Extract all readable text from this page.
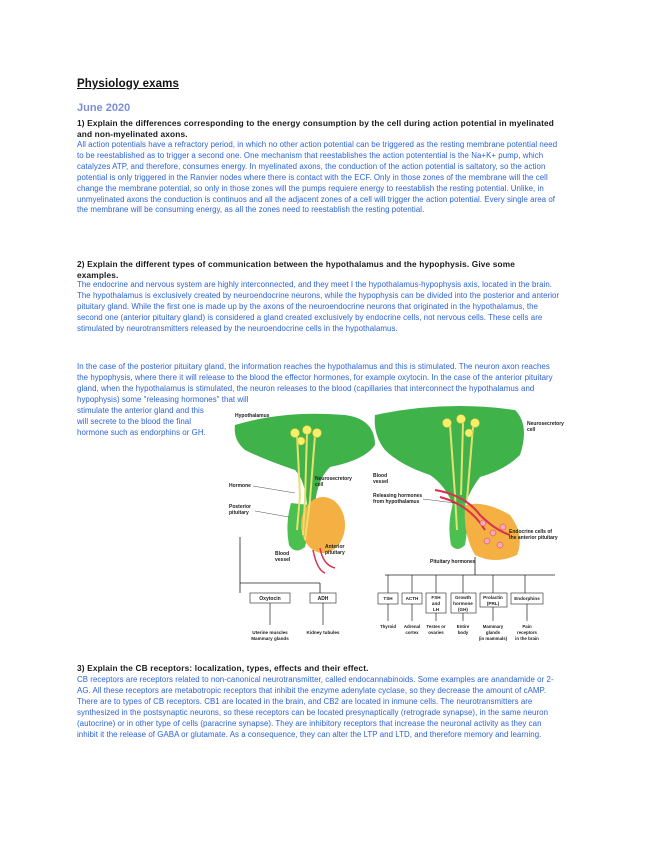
Physiology exams
June 2020
1) Explain the differences corresponding to the energy consumption by the cell during action potential in myelinated and non-myelinated axons.
All action potentials have a refractory period, in which no other action potential can be triggered as the resting membrane potential need to be reestablished as to trigger a second one. One mechanism that reestablishes the action potentential is the Na+K+ pump, which catalyzes ATP, and therefore, consumes energy. In myelinated axons, the conduction of the action potential is saltatory, so the action potential is only triggered in the Ranvier nodes where there is contact with the ECF. Only in those zones of the membrane will the cell change the membrane potential, so only in those zones will the pumps requiere energy to reestablish the resting potential. Unlike, in unmyelinated axons the conduction is continuos and all the adjacent zones of a cell will trigger the action potential. Every single area of the membrane will be consuming energy, as all the zones need to reestablish the resting potential.
2) Explain the different types of communication between the hypothalamus and the hypophysis. Give some examples.
The endocrine and nervous system are highly interconnected, and they meet I the hypothalamus-hypophysis axis, located in the brain. The hypothalamus is exclusively created by neuroendocrine neurons, while the hypophysis can be divided into the posterior and anterior pituitary gland. While the first one is made up by the axons of the neuroendocrine neurons that originated in the hypothalamus, the second one (anterior pituitary gland) is considered a gland created exclusively by endocrine cells, not nervous cells. These cells are stimulated by neurotransmitters released by the neuroendocrine cells in the hypothalamus.
In the case of the posterior pituitary gland, the information reaches the hypothalamus and this is stimulated. The neuron axon reaches the hypophysis, where there it will release to the blood the effector hormones, for example oxytocin. In the case of the anterior pituitary gland, when the hypothalamus is stimulated, the neuron releases to the blood (capillaries that interconnect the hypothalamus and hypophysis) some "releasing hormones" that will
stimulate the anterior gland and this will secrete to the blood the final hormone such as endorphins or GH.
Hypothalamus
Hormone
Neurosecretory
cell
Posterior
pituitary
Anterior
pituitary
Blood
vessel
Oxytocin	ADH
Uterine muscles
Mammary glands
Kidney tubules
Neurosecretory
cell
Blood
vessel
Releasing hormones
from hypothalamus
Endocrine cells of
the anterior pituitary
Pituitary hormones
TSH	ACTH	FSH
and
LH
Growth
hormone
(GH)
Prolactin
(PRL)
Endorphins
Thyroid Adrenal
cortex
Testes or
ovaries
Entire
body
Mammary
glands
(in mammals)
Pain
receptors
in the brain
3) Explain the CB receptors: localization, types, effects and their effect.
CB receptors are receptors related to non-canonical neurotransmitter, called endocannabinoids. Some examples are anandamide or 2-AG. All these receptors are metabotropic receptors that inhibit the enzyme adenylate cyclase, so they decrease the amount of cAMP. There are to types of CB receptors. CB1 are located in the brain, and CB2 are located in inmune cells. The neurotransmitters are synthesized in the postsynaptic neurons, so these receptors can be located presynaptically (retrograde synapse), in the same neuron (autocrine) or in other type of cells (paracrine synapse). They are inhibitory receptors that increase the neuronal activity as they can inhibit it the release of GABA or glutamate. As a consequence, they can alter the LTP and LTD, and therefore memory and learning.
